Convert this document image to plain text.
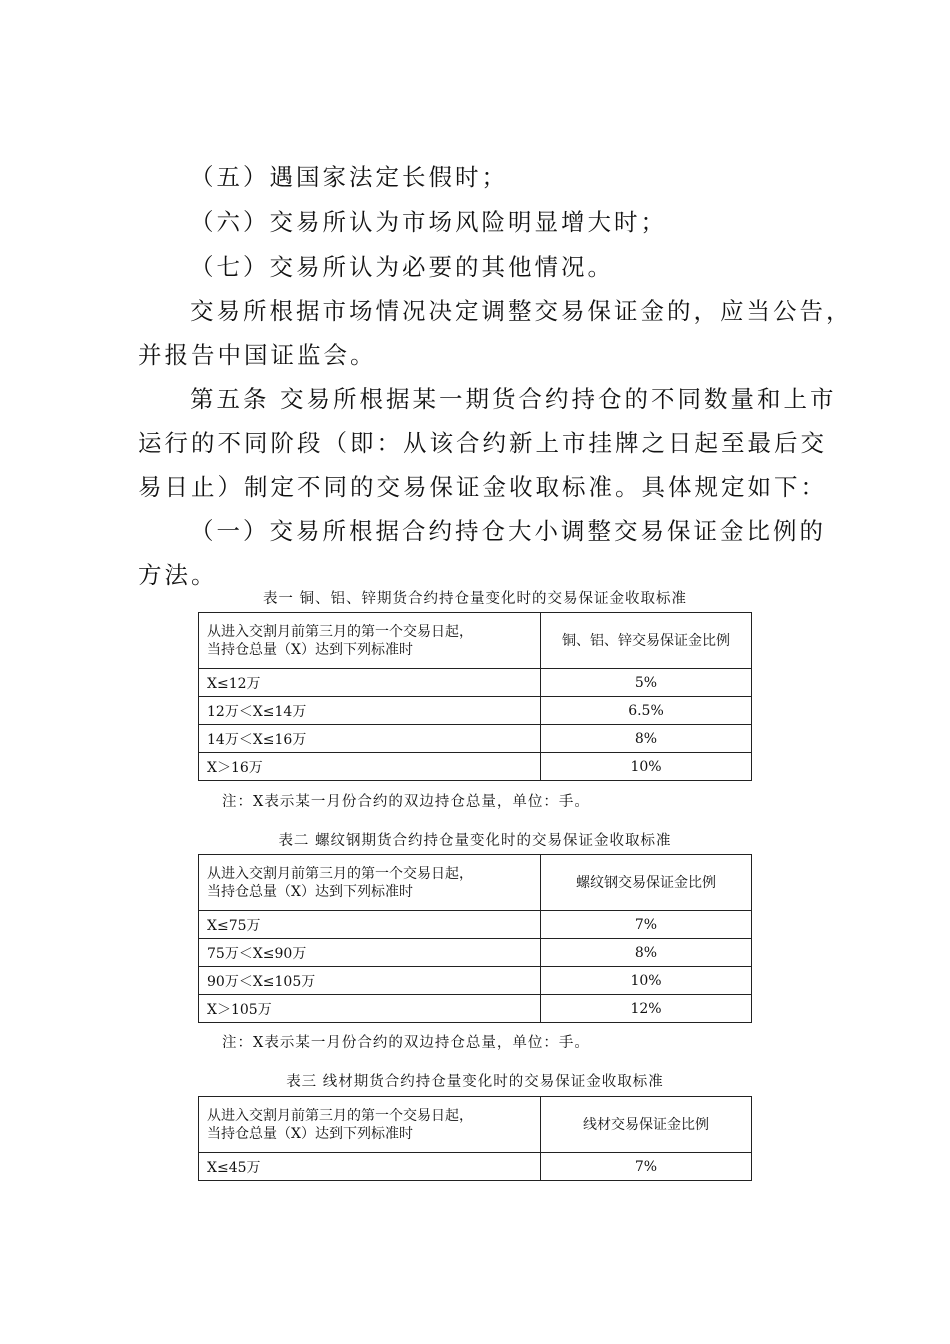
（五）遇国家法定长假时；
（六）交易所认为市场风险明显增大时；
（七）交易所认为必要的其他情况。
交易所根据市场情况决定调整交易保证金的，应当公告，
并报告中国证监会。
第五条 交易所根据某一期货合约持仓的不同数量和上市
运行的不同阶段（即：从该合约新上市挂牌之日起至最后交
易日止）制定不同的交易保证金收取标准。具体规定如下：
（一）交易所根据合约持仓大小调整交易保证金比例的
方法。
表一 铜、铝、锌期货合约持仓量变化时的交易保证金收取标准
从进入交割月前第三月的第一个交易日起，
当持仓总量（X）达到下列标准时	铜、铝、锌交易保证金比例
X≤12万	5%
12万＜X≤14万	6.5%
14万＜X≤16万	8%
X＞16万	10%
注：X表示某一月份合约的双边持仓总量，单位：手。
表二 螺纹钢期货合约持仓量变化时的交易保证金收取标准
从进入交割月前第三月的第一个交易日起，
当持仓总量（X）达到下列标准时	螺纹钢交易保证金比例
X≤75万	7%
75万＜X≤90万	8%
90万＜X≤105万	10%
X＞105万	12%
注：X表示某一月份合约的双边持仓总量，单位：手。
表三 线材期货合约持仓量变化时的交易保证金收取标准
从进入交割月前第三月的第一个交易日起，
当持仓总量（X）达到下列标准时	线材交易保证金比例
X≤45万	7%
